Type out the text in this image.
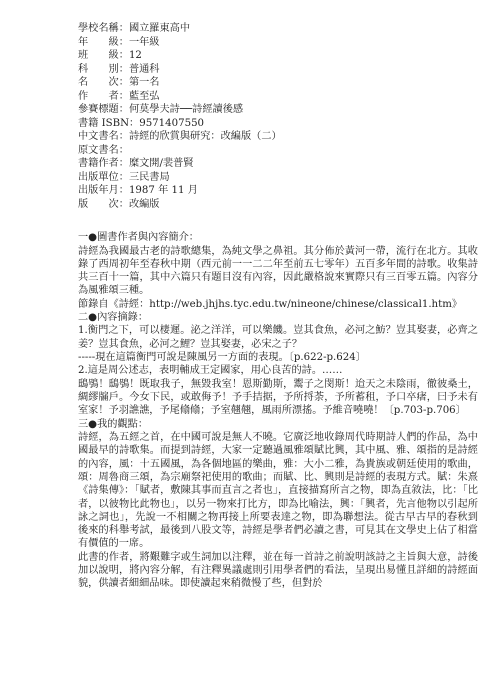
學校名稱： 國立羅東高中
年　　級： 一年級
班　　級： 12
科　　別： 普通科
名　　次： 第一名
作　　者： 藍至弘
參賽標題： 何莫學夫詩──詩經讀後感
書籍 ISBN： 9571407550
中文書名： 詩經的欣賞與研究：改編版（二）
原文書名：
書籍作者： 糜文開/裴普賢
出版單位： 三民書局
出版年月： 1987 年 11 月
版　　次： 改編版
一●圖書作者與內容簡介：

詩經為我國最古老的詩歌總集，為純文學之鼻祖。其分佈於黃河一帶，流行在北方。其收錄了西周初年至春秋中期（西元前一一二二年至前五七零年）五百多年間的詩歌。收集詩共三百十一篇，其中六篇只有題目沒有內容，因此嚴格說來實際只有三百零五篇。內容分為風雅頌三種。

節錄自《詩經：http://web.jhjhs.tyc.edu.tw/nineone/chinese/classical1.htm》

二●內容摘錄：

1.衡門之下，可以棲遲。泌之洋洋，可以樂饑。豈其食魚，必河之魴？豈其娶妻，必齊之姜？豈其食魚，必河之鯉？豈其娶妻，必宋之子？

-----現在這篇衡門可說是陳風另一方面的表現。〔p.622-p.624〕

2.這是周公述志，表明輔成王定國家，用心良苦的詩。……

鴟鴞！鴟鴞！既取我子，無毀我室！恩斯勤斯，鬻子之閔斯！迨天之未陰雨，徹彼桑土，綢繆牖戶。今女下民，或敢侮予！予手拮据，予所捋荼，予所蓄租，予口卒瘏，曰予未有室家！予羽譙譙，予尾翛翛；予室翹翹，風雨所漂搖。予維音嘵嘵！〔p.703-p.706〕

三●我的觀點：

詩經，為五經之首，在中國可說是無人不曉。它廣泛地收錄周代時期詩人們的作品，為中國最早的詩歌集。而提到詩經，大家一定聽過風雅頌賦比興，其中風、雅、頌指的是詩經的內容，風：十五國風，為各個地區的樂曲，雅：大小二雅，為貴族或朝廷使用的歌曲，頌：周魯商三頌，為宗廟祭祀使用的歌曲；而賦、比、興則是詩經的表現方式。賦：朱熹《詩集傳》：「賦者，敷陳其事而直言之者也」，直接描寫所言之物，即為直敘法，比：「比者，以彼物比此物也」，以另一物來打比方，即為比喻法，興：「興者，先言他物以引起所詠之詞也」，先說一不相關之物再接上所要表達之物，即為聯想法。從古早古早的春秋到後來的科舉考試，最後到八股文等，詩經是學者們必讀之書，可見其在文學史上佔了相當有價值的一席。

此書的作者，將艱難字或生詞加以注釋，並在每一首詩之前說明該詩之主旨與大意，詩後加以說明，將內容分解，有注釋異議處則引用學者們的看法，呈現出易懂且詳細的詩經面貌，供讀者細細品味。即使讀起來稍微慢了些，但對於
